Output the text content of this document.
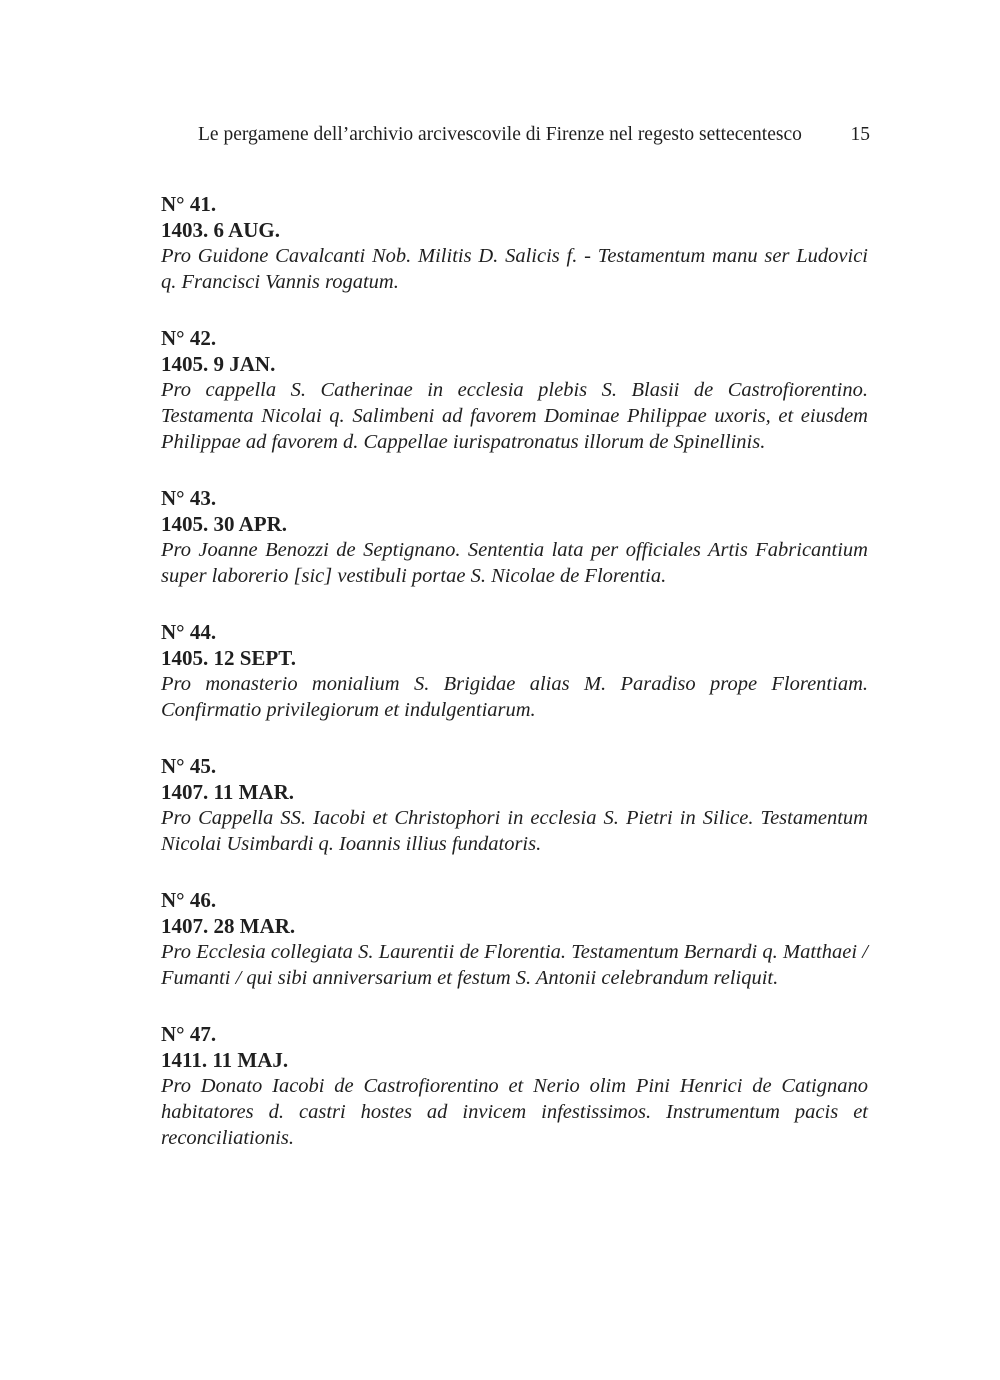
Le pergamene dell’archivio arcivescovile di Firenze nel regesto settecentesco 15
N° 41.
1403. 6 AUG.

Pro Guidone Cavalcanti Nob. Militis D. Salicis f. - Testamentum manu ser Ludovici q. Francisci Vannis rogatum.

N° 42.
1405. 9 JAN.

Pro cappella S. Catherinae in ecclesia plebis S. Blasii de Castrofiorentino. Testamenta Nicolai q. Salimbeni ad favorem Dominae Philippae uxoris, et eiusdem Philippae ad favorem d. Cappellae iurispatronatus illorum de Spinellinis.

N° 43.
1405. 30 APR.

Pro Joanne Benozzi de Septignano. Sententia lata per officiales Artis Fabricantium super laborerio [sic] vestibuli portae S. Nicolae de Florentia.

N° 44.
1405. 12 SEPT.

Pro monasterio monialium S. Brigidae alias M. Paradiso prope Florentiam. Confirmatio privilegiorum et indulgentiarum.

N° 45.
1407. 11 MAR.

Pro Cappella SS. Iacobi et Christophori in ecclesia S. Pietri in Silice. Testamentum Nicolai Usimbardi q. Ioannis illius fundatoris.

N° 46.
1407. 28 MAR.

Pro Ecclesia collegiata S. Laurentii de Florentia. Testamentum Bernardi q. Matthaei / Fumanti / qui sibi anniversarium et festum S. Antonii celebrandum reliquit.

N° 47.
1411. 11 MAJ.

Pro Donato Iacobi de Castrofiorentino et Nerio olim Pini Henrici de Catignano habitatores d. castri hostes ad invicem infestissimos. Instrumentum pacis et reconciliationis.
